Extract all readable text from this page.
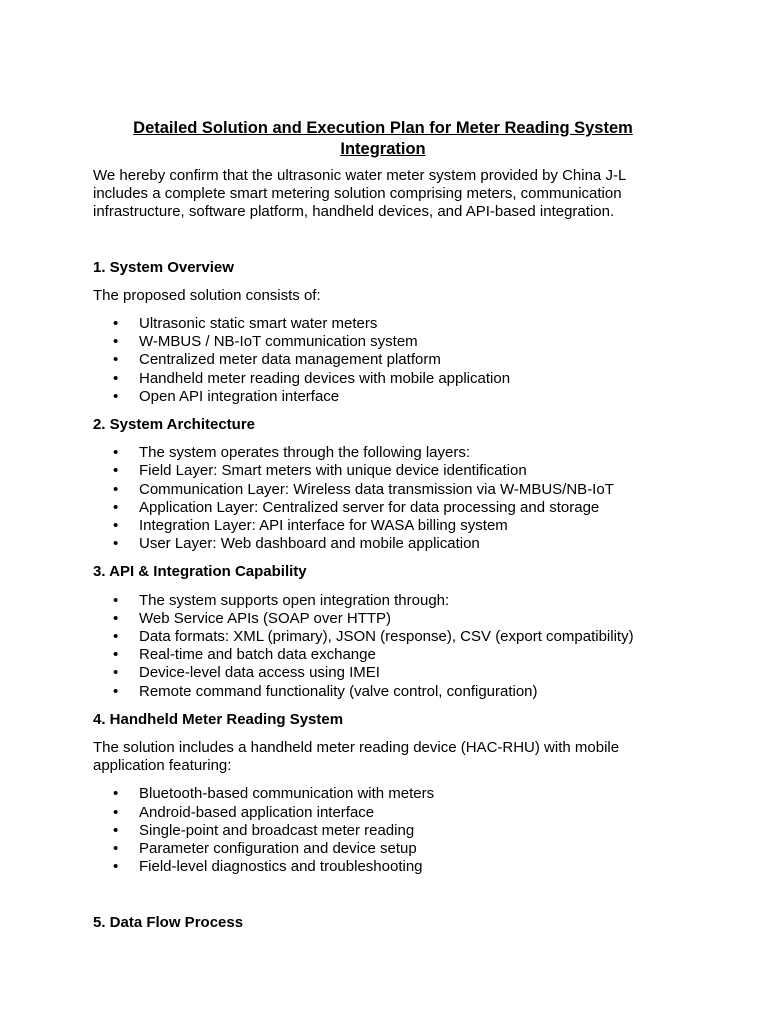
Detailed Solution and Execution Plan for Meter Reading System Integration

We hereby confirm that the ultrasonic water meter system provided by China J-L includes a complete smart metering solution comprising meters, communication infrastructure, software platform, handheld devices, and API-based integration.

1. System Overview

The proposed solution consists of:

• Ultrasonic static smart water meters
• W-MBUS / NB-IoT communication system
• Centralized meter data management platform
• Handheld meter reading devices with mobile application
• Open API integration interface
2. System Architecture
• The system operates through the following layers:
• Field Layer: Smart meters with unique device identification
• Communication Layer: Wireless data transmission via W-MBUS/NB-IoT
• Application Layer: Centralized server for data processing and storage
• Integration Layer: API interface for WASA billing system
• User Layer: Web dashboard and mobile application
3. API & Integration Capability
• The system supports open integration through:
• Web Service APIs (SOAP over HTTP)
• Data formats: XML (primary), JSON (response), CSV (export compatibility)
• Real-time and batch data exchange
• Device-level data access using IMEI
• Remote command functionality (valve control, configuration)
4. Handheld Meter Reading System

The solution includes a handheld meter reading device (HAC-RHU) with mobile application featuring:

• Bluetooth-based communication with meters
• Android-based application interface
• Single-point and broadcast meter reading
• Parameter configuration and device setup
• Field-level diagnostics and troubleshooting
5. Data Flow Process
